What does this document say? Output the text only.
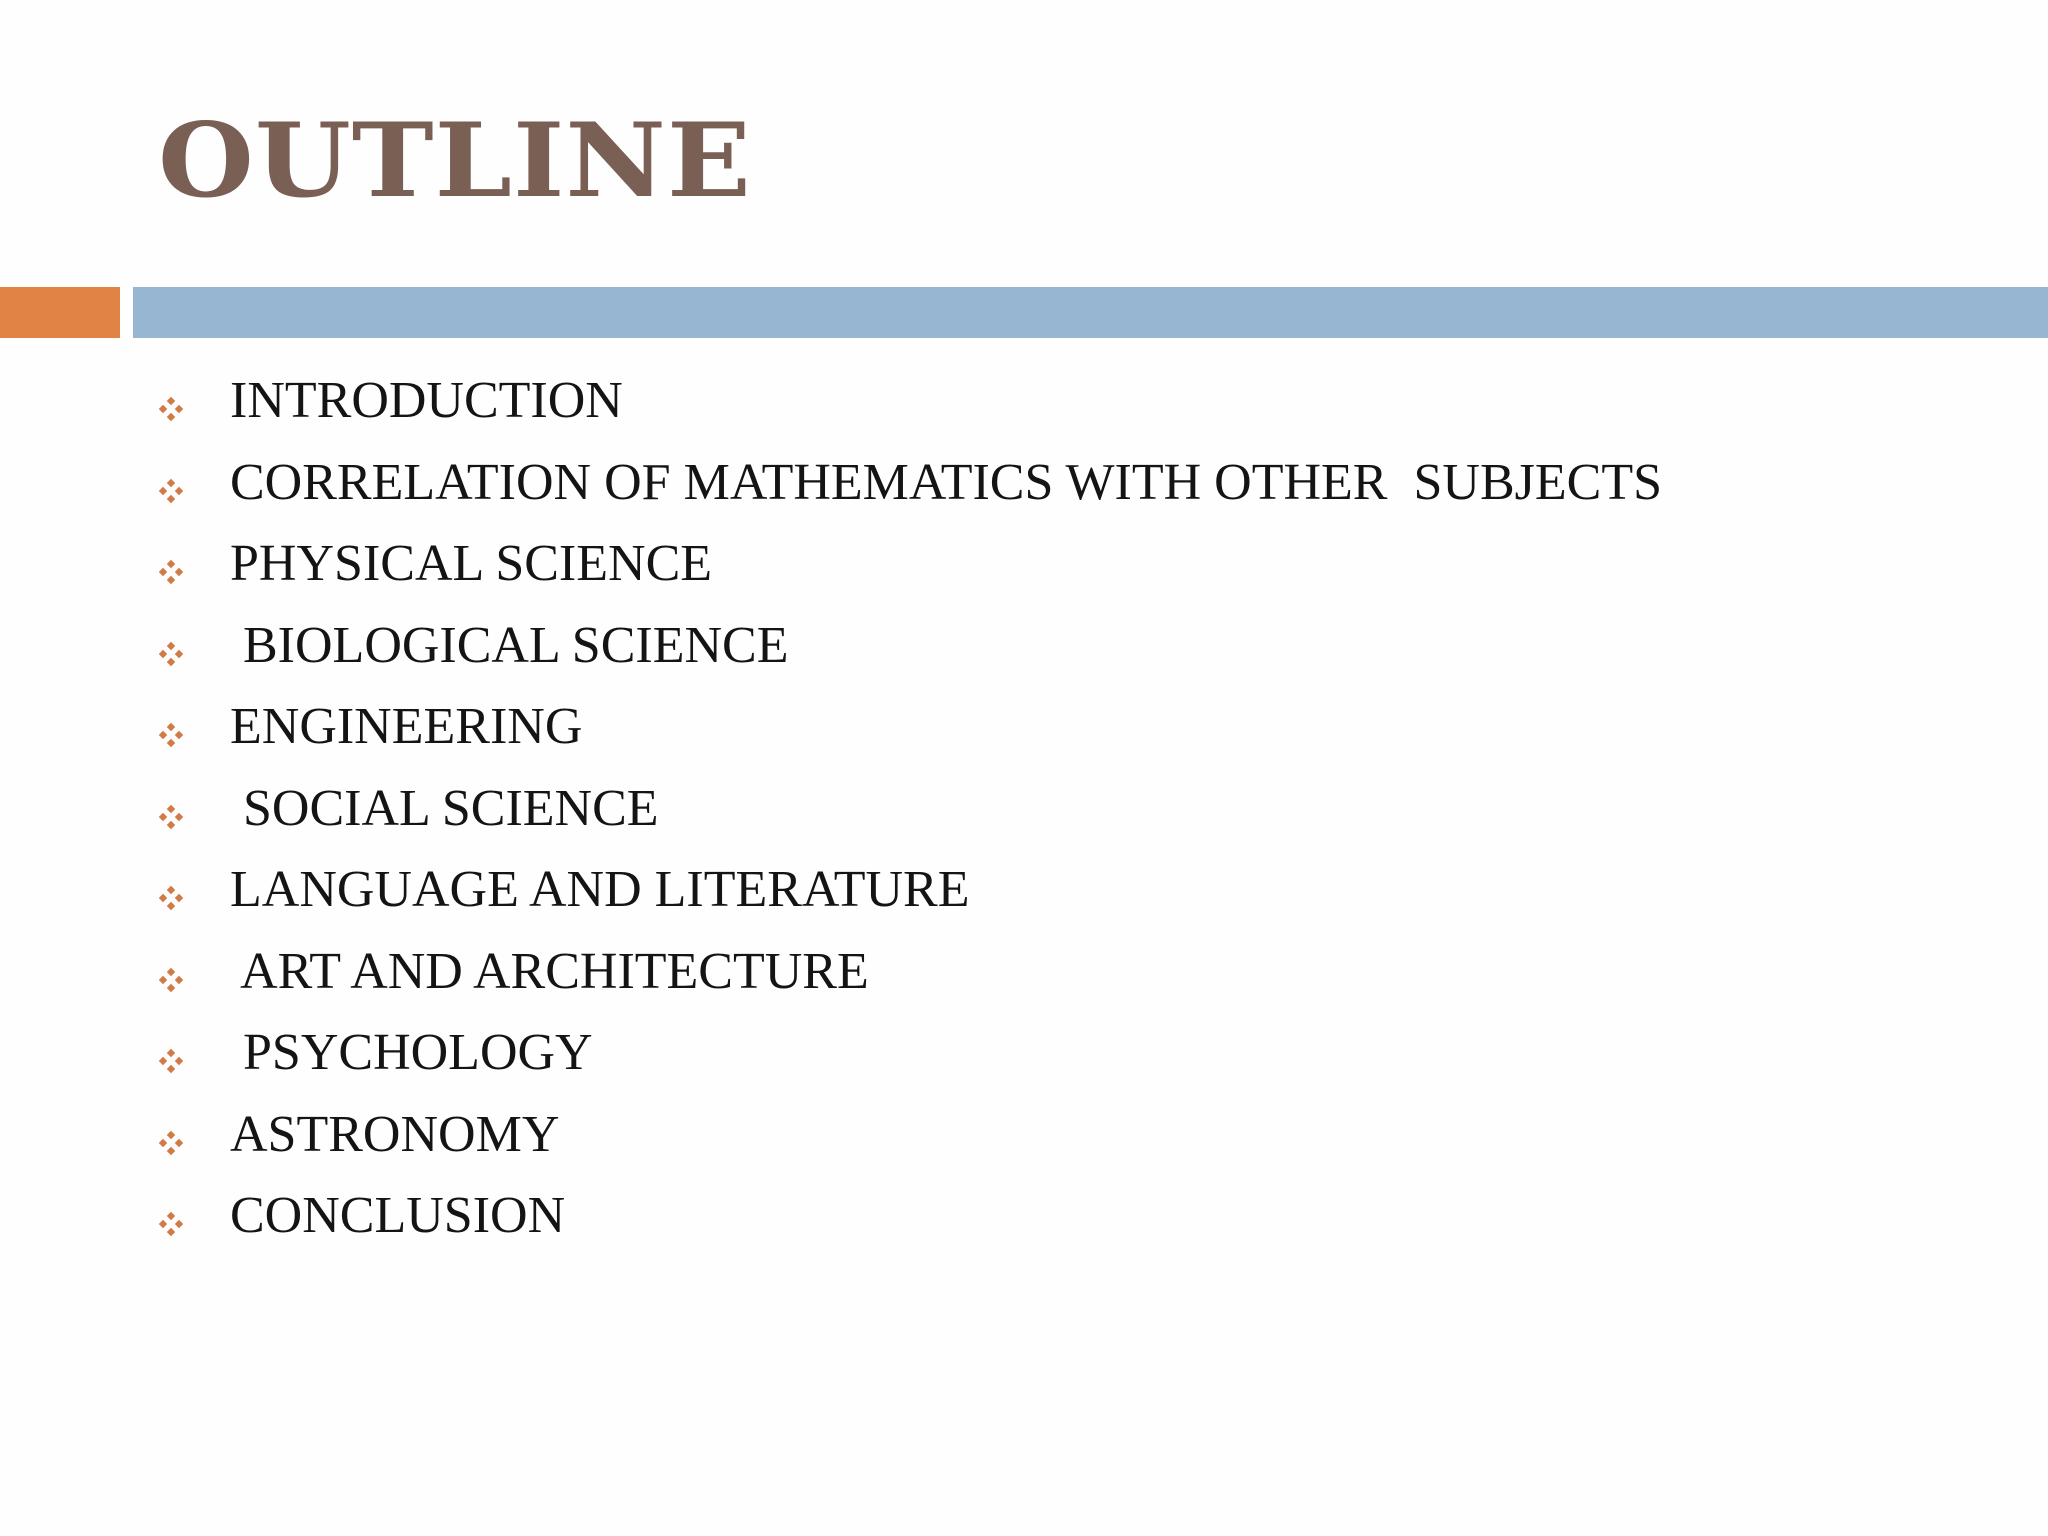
OUTLINE
INTRODUCTION
CORRELATION OF MATHEMATICS WITH OTHER  SUBJECTS
PHYSICAL SCIENCE
BIOLOGICAL SCIENCE
ENGINEERING
SOCIAL SCIENCE
LANGUAGE AND LITERATURE
ART AND ARCHITECTURE
PSYCHOLOGY
ASTRONOMY
CONCLUSION
